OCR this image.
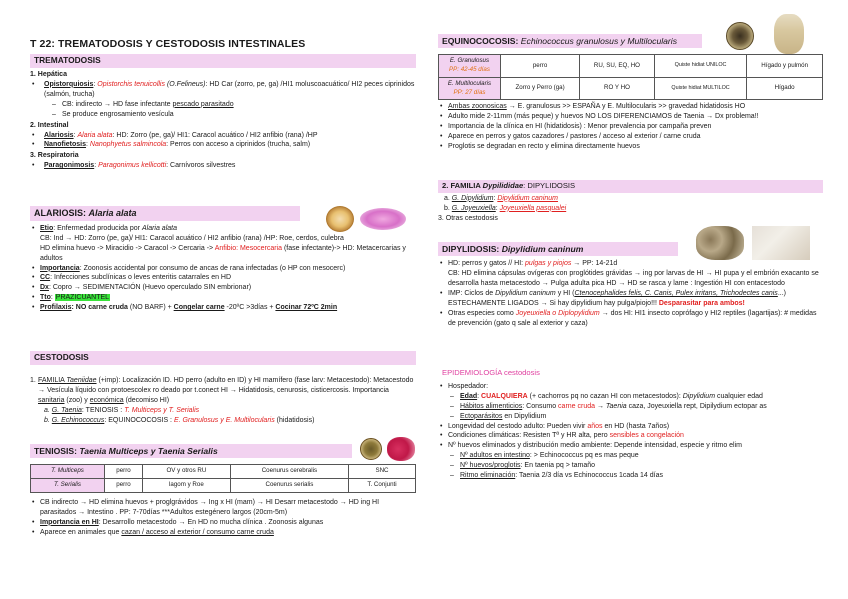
T 22: TREMATODOSIS Y CESTODOSIS INTESTINALES
TREMATODOSIS
1. Hepática
• Opistorquiosis: Opistorchis tenuicollis (O.Felineus): HD Car (zorro, pe, ga) /HI1 moluscoacuático/ HI2 peces ciprinidos (salmón, trucha)
– CB: indirecto → HD fase infectante pescado parasitado
– Se produce engrosamiento vesícula
2. Intestinal
• Alariosis: Alaria alata: HD: Zorro (pe, ga)/ HI1: Caracol acuático / HI2 anfibio (rana) /HP
• Nanofietosis: Nanophyetus salmincola: Perros con acceso a ciprinidos (trucha, salm)
3. Respiratoria
• Paragonimosis: Paragonimus kellicotti: Carnívoros silvestres
ALARIOSIS: Alaria alata
• Etio: Enfermedad producida por Alaria alata
CB: Ind → HD: Zorro (pe, ga)/ HI1: Caracol acuático / HI2 anfibio (rana) /HP: Roe, cerdos, culebra
HD elimina huevo -> Miracidio -> Caracol -> Cercaria -> Anfibio: Mesocercaria (fase infectante)-> HD: Metacercarias y adultos
• Importancia: Zoonosis accidental por consumo de ancas de rana infectadas (o HP con mesocerc)
• CC: Infecciones subclínicas o leves enteritis catarrales en HD
• Dx: Copro → SEDIMENTACIÓN (Huevo operculado SIN embrionar)
• Tto: PRAZICUANTEL
• Profilaxis: NO carne cruda (NO BARF) + Congelar carne -20ºC >3días + Cocinar 72ºC 2min
CESTODOSIS
1. FAMILIA Taeniidae (+imp): Localización ID. HD perro (adulto en ID) y HI mamífero (fase larv: Metacestodo): Metacestodo → Vesícula líquido con protoescolex ro deado por t.conect HI → Hidatidosis, cenurosis, cisticercosis. Importancia sanitaria (zoo) y económica (decomiso HI)
a. G. Taenia: TENIOSIS : T. Multiceps y T. Serialis
b. G. Echinococcus: EQUINOCOCOSIS : E. Granulosus y E. Multilocularis (hidatidosis)
TENIOSIS: Taenia Multiceps y Taenia Serialis
T. Multiceps	perro	OV y otros RU	Coenurus cerebralis	SNC
T. Serialis	perro	lagom y Roe	Coenurus serialis	T. Conjunti
• CB indirecto → HD elimina huevos + proglgrávidos → Ing x HI (mam) → HI Desarr metacestodo → HD ing HI parasitados → Intestino . PP: 7-70días ***Adultos estegénero largos (20cm-5m)
• Importancia en HI: Desarrollo metacestodo → En HD no mucha clínica . Zoonosis algunas
• Aparece en animales que cazan / acceso al exterior / consumo carne cruda
EQUINOCOCOSIS: Echinococcus granulosus y Multilocularis
E. Granulosus
PP: 42-45 días	perro	RU, SU, EQ, HO	Quiste hidiat UNILOC	Hígado y pulmón

E. Multilocularis
PP: 27 días	Zorro y Perro (ga)	RO Y HO	Quiste hidiat MULTILOC	Hígado
• Ambas zoonosicas → E. granulosus >> ESPAÑA y E. Multilocularis >> gravedad hidatidosis HO
• Adulto mide 2-11mm (más peque) y huevos NO LOS DIFERENCIAMOS de Taenia → Dx problema!!
• Importancia de la clínica en HI (hidatidosis) : Menor prevalencia por campaña preven
• Aparece en perros y gatos cazadores / pastores / acceso al exterior / carne cruda
• Proglotis se degradan en recto y elimina directamente huevos
2. FAMILIA Dypilididae: DIPYLIDOSIS
a. G. Dipylidium: Dipylidium caninum
b. G. Joyeuxiella: Joyeuxiella pasqualei
3. Otras cestodosis
DIPYLIDOSIS: Dipylidium caninum
• HD: perros y gatos // HI: pulgas y piojos → PP: 14-21d
CB: HD elimina cápsulas ovígeras con proglótides grávidas → ing por larvas de HI → HI pupa y el embrión exacanto se desarrolla hasta metacestodo → Pulga adulta pica HD → HD se rasca y lame : Ingestión HI con entacestodo
• IMP: Ciclos de Dipylidium caninum y HI (Ctenocephalides felis, C. Canis, Pulex irritans, Trichodectes canis...) ESTECHAMENTE LIGADOS → Si hay dipylidium hay pulga/piojo!!! Desparasitar para ambos!
• Otras especies como Joyeuxiella o Diplopylidium → dos HI: HI1 insecto coprófago y HI2 reptiles (lagartijas): # medidas de prevención (gato q sale al exterior y caza)
EPIDEMIOLOGÍA cestodosis
• Hospedador:
– Edad: CUALQUIERA (+ cachorros pq no cazan HI con metacestodos): Dipylidium cualquier edad
– Hábitos alimenticios: Consumo carne cruda → Taenia caza, Joyeuxiella rept, Dipilydium ectopar as
– Ectoparásitos en Dipylidium
• Longevidad del cestodo adulto: Pueden vivir años en HD (hasta 7años)
• Condiciones climáticas: Resisten Tª y HR alta, pero sensibles a congelación
• Nº huevos eliminados y distribución medio ambiente: Depende intensidad, especie y ritmo elim
– Nº adultos en intestino: > Echinococcus pq es mas peque
– Nº huevos/proglotis: En taenia pq > tamaño
– Ritmo eliminación: Taenia 2/3 día vs Echinococcus 1cada 14 días
